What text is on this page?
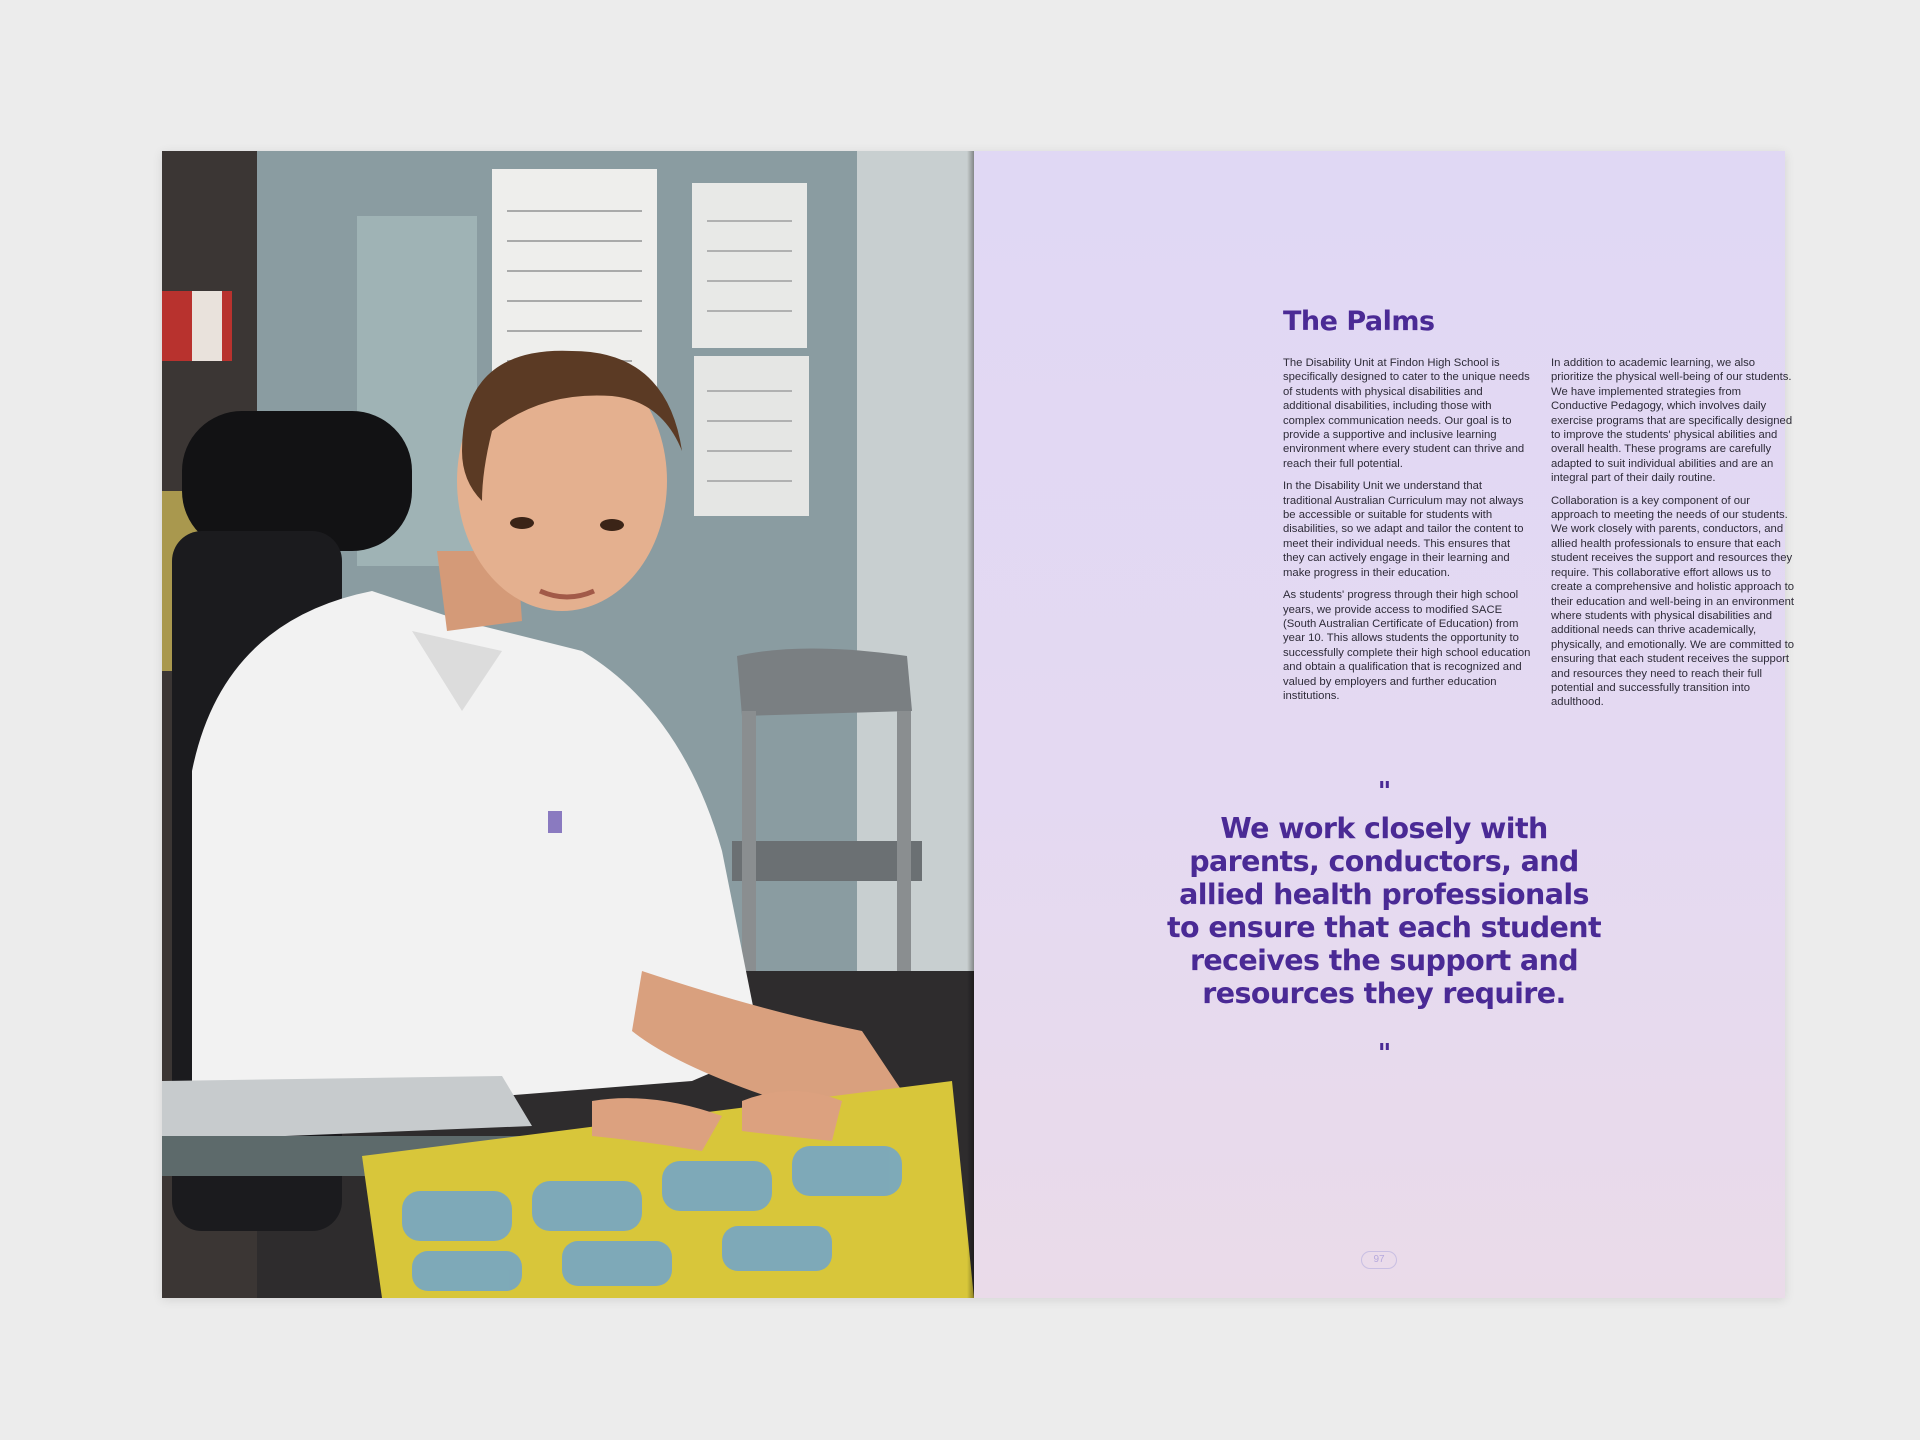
The Palms

The Disability Unit at Findon High School is specifically designed to cater to the unique needs of students with physical disabilities and additional disabilities, including those with complex communication needs. Our goal is to provide a supportive and inclusive learning environment where every student can thrive and reach their full potential.

In the Disability Unit we understand that traditional Australian Curriculum may not always be accessible or suitable for students with disabilities, so we adapt and tailor the content to meet their individual needs. This ensures that they can actively engage in their learning and make progress in their education.

As students' progress through their high school years, we provide access to modified SACE (South Australian Certificate of Education) from year 10. This allows students the opportunity to successfully complete their high school education and obtain a qualification that is recognized and valued by employers and further education institutions.

In addition to academic learning, we also prioritize the physical well-being of our students. We have implemented strategies from Conductive Pedagogy, which involves daily exercise programs that are specifically designed to improve the students' physical abilities and overall health. These programs are carefully adapted to suit individual abilities and are an integral part of their daily routine.

Collaboration is a key component of our approach to meeting the needs of our students. We work closely with parents, conductors, and allied health professionals to ensure that each student receives the support and resources they require. This collaborative effort allows us to create a comprehensive and holistic approach to their education and well-being in an environment where students with physical disabilities and additional needs can thrive academically, physically, and emotionally. We are committed to ensuring that each student receives the support and resources they need to reach their full potential and successfully transition into adulthood.

"

We work closely with parents, conductors, and allied health professionals to ensure that each student receives the support and resources they require.

"
97
